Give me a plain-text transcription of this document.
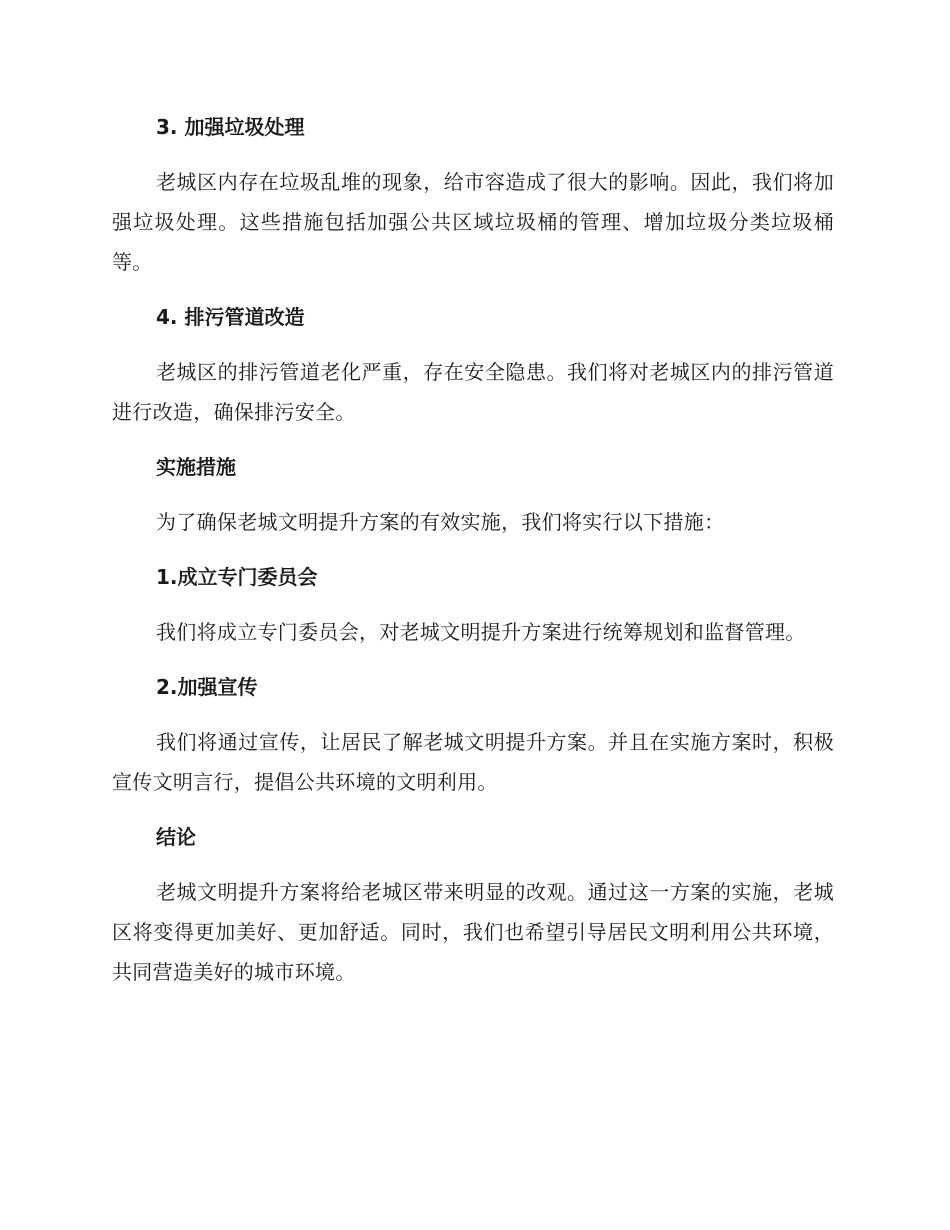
3. 加强垃圾处理
老城区内存在垃圾乱堆的现象，给市容造成了很大的影响。因此，我们将加强垃圾处理。这些措施包括加强公共区域垃圾桶的管理、增加垃圾分类垃圾桶等。
4. 排污管道改造
老城区的排污管道老化严重，存在安全隐患。我们将对老城区内的排污管道进行改造，确保排污安全。
实施措施
为了确保老城文明提升方案的有效实施，我们将实行以下措施：
1.成立专门委员会
我们将成立专门委员会，对老城文明提升方案进行统筹规划和监督管理。
2.加强宣传
我们将通过宣传，让居民了解老城文明提升方案。并且在实施方案时，积极宣传文明言行，提倡公共环境的文明利用。
结论
老城文明提升方案将给老城区带来明显的改观。通过这一方案的实施，老城区将变得更加美好、更加舒适。同时，我们也希望引导居民文明利用公共环境，共同营造美好的城市环境。
